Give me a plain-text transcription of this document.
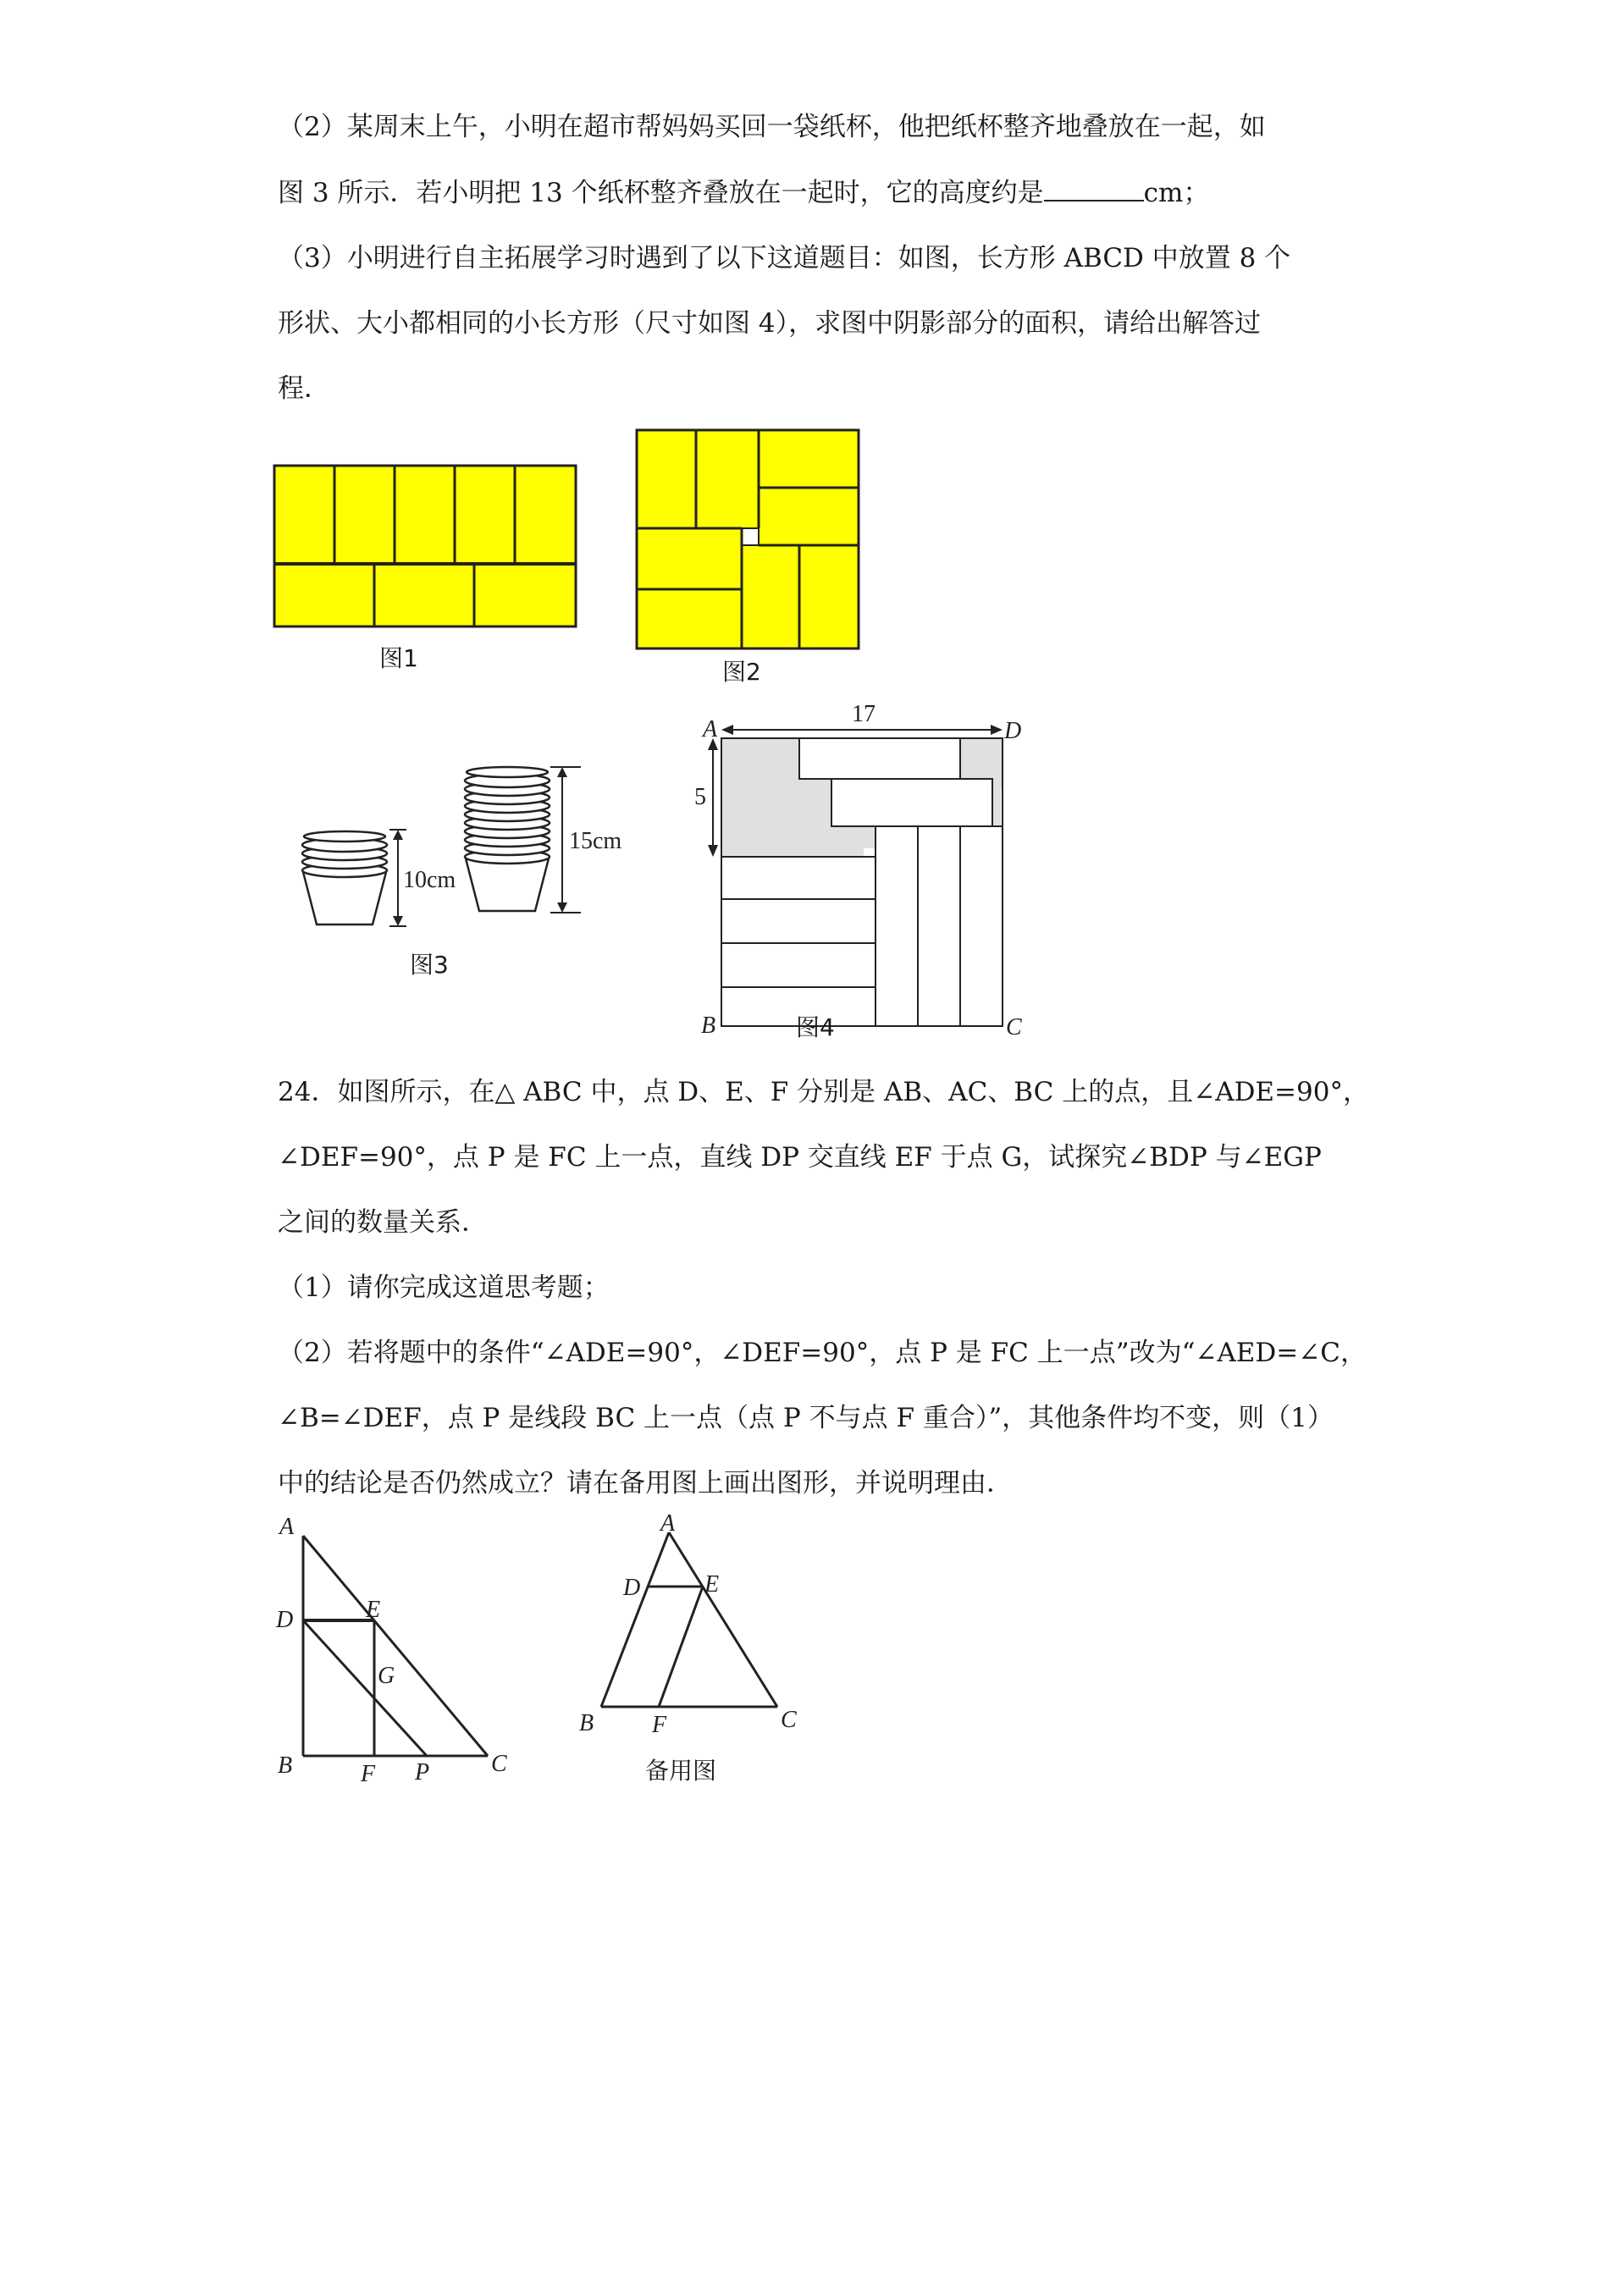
（2）某周末上午，小明在超市帮妈妈买回一袋纸杯，他把纸杯整齐地叠放在一起，如
图 3 所示．若小明把 13 个纸杯整齐叠放在一起时，它的高度约是	cm；
（3）小明进行自主拓展学习时遇到了以下这道题目：如图，长方形 ABCD 中放置 8 个
形状、大小都相同的小长方形（尺寸如图 4），求图中阴影部分的面积，请给出解答过
程．
图1	图2
10cm
15cm
图3
17
5
A	D
B	C
图4
24．如图所示，在△ ABC 中，点 D、E、F 分别是 AB、AC、BC 上的点，且∠ADE=90°，
∠DEF=90°，点 P 是 FC 上一点，直线 DP 交直线 EF 于点 G，试探究∠BDP 与∠EGP
之间的数量关系．
（1）请你完成这道思考题；
（2）若将题中的条件“∠ADE=90°，∠DEF=90°，点 P 是 FC 上一点”改为“∠AED=∠C，
∠B=∠DEF，点 P 是线段 BC 上一点（点 P 不与点 F 重合）”，其他条件均不变，则（1）
中的结论是否仍然成立？请在备用图上画出图形，并说明理由．
A
D	E
G
B	F P	C
A
D	E
B F	C
备用图
